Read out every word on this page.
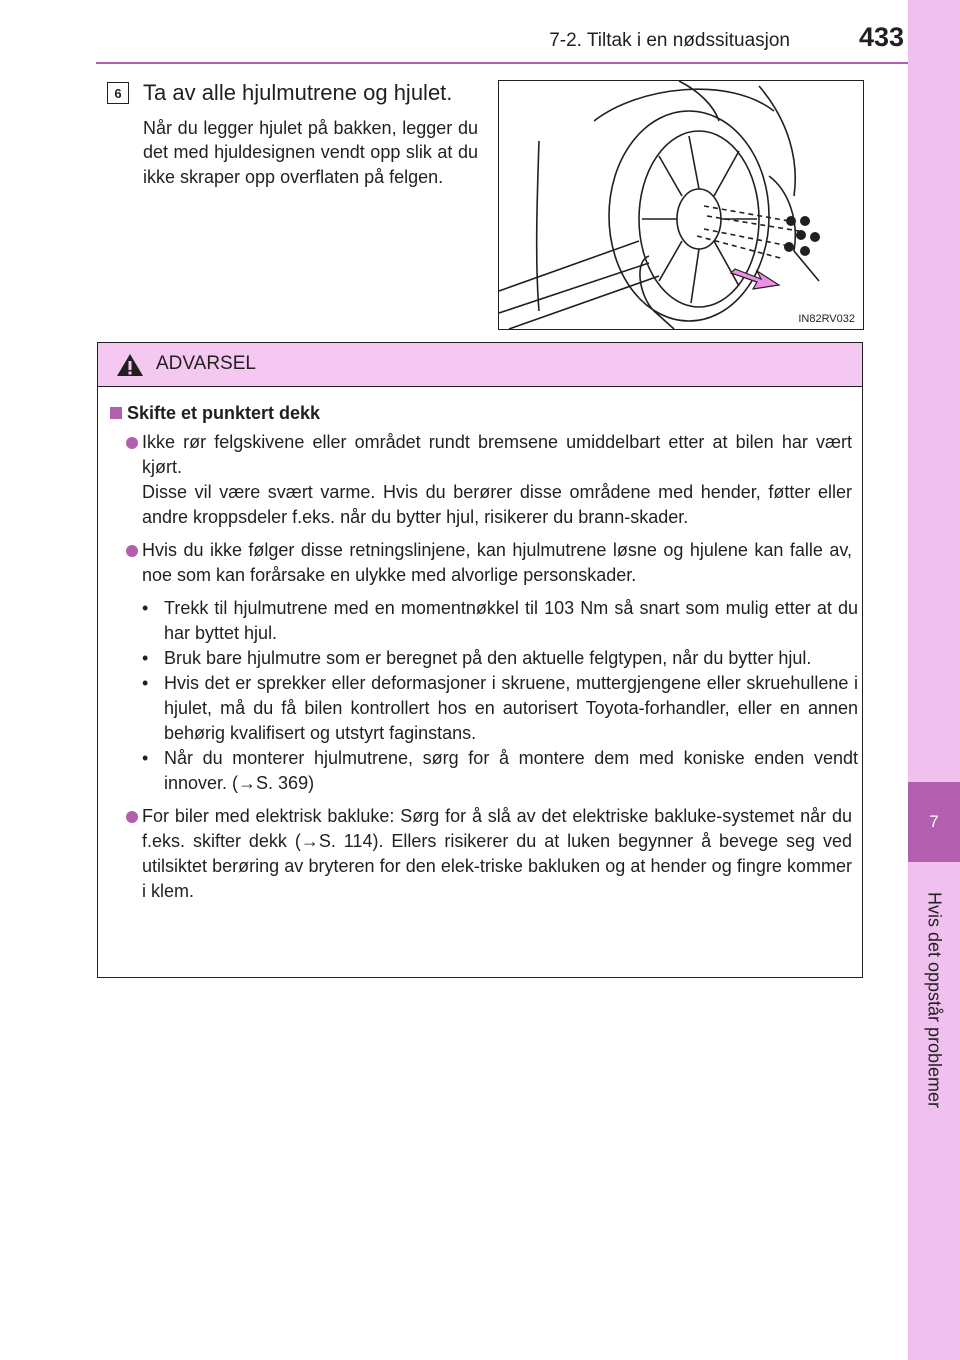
7-2. Tiltak i en nødssituasjon	433
7
Hvis det oppstår problemer
6 Ta av alle hjulmutrene og hjulet.
Når du legger hjulet på bakken, legger du det med hjuldesignen vendt opp slik at du ikke skraper opp overflaten på felgen.
IN82RV032
ADVARSEL
Skifte et punktert dekk
Ikke rør felgskivene eller området rundt bremsene umiddelbart etter at bilen har vært kjørt.
Disse vil være svært varme. Hvis du berører disse områdene med hender, føtter eller andre kroppsdeler f.eks. når du bytter hjul, risikerer du brann-skader.
Hvis du ikke følger disse retningslinjene, kan hjulmutrene løsne og hjulene kan falle av, noe som kan forårsake en ulykke med alvorlige personskader.
• Trekk til hjulmutrene med en momentnøkkel til 103 Nm så snart som mulig etter at du har byttet hjul.
• Bruk bare hjulmutre som er beregnet på den aktuelle felgtypen, når du bytter hjul.
• Hvis det er sprekker eller deformasjoner i skruene, muttergjengene eller skruehullene i hjulet, må du få bilen kontrollert hos en autorisert Toyota-forhandler, eller en annen behørig kvalifisert og utstyrt faginstans.
• Når du monterer hjulmutrene, sørg for å montere dem med koniske enden vendt innover. (→S. 369)
For biler med elektrisk bakluke: Sørg for å slå av det elektriske bakluke-systemet når du f.eks. skifter dekk (→S. 114). Ellers risikerer du at luken begynner å bevege seg ved utilsiktet berøring av bryteren for den elek-triske bakluken og at hender og fingre kommer i klem.
